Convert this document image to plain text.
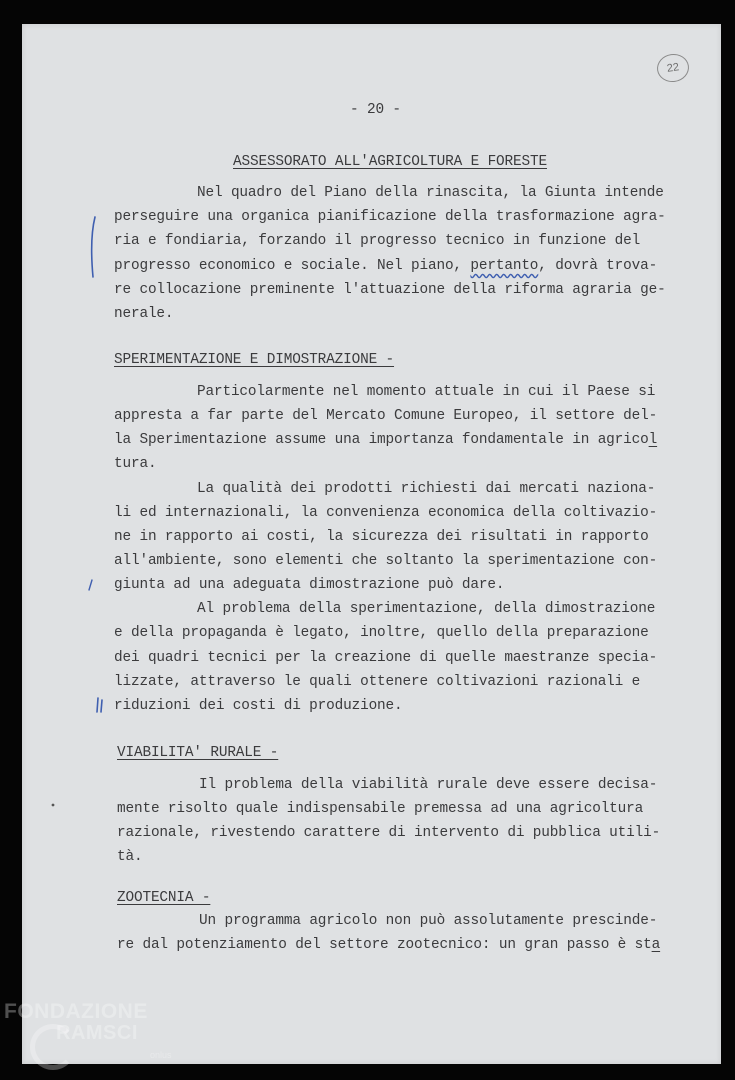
22
- 20 -
ASSESSORATO ALL'AGRICOLTURA E FORESTE
Nel quadro del Piano della rinascita, la Giunta intende
perseguire una organica pianificazione della trasformazione agra-
ria e fondiaria, forzando il progresso tecnico in funzione del
progresso economico e sociale. Nel piano, pertanto, dovrà trova-
re collocazione preminente l'attuazione della riforma agraria ge-
nerale.
SPERIMENTAZIONE E DIMOSTRAZIONE -
Particolarmente nel momento attuale in cui il Paese si
appresta a far parte del Mercato Comune Europeo, il settore del-
la Sperimentazione assume una importanza fondamentale in agricol
tura.
La qualità dei prodotti richiesti dai mercati naziona-
li ed internazionali, la convenienza economica della coltivazio-
ne in rapporto ai costi, la sicurezza dei risultati in rapporto
all'ambiente, sono elementi che soltanto la sperimentazione con-
giunta ad una adeguata dimostrazione può dare.
Al problema della sperimentazione, della dimostrazione
e della propaganda è legato, inoltre, quello della preparazione
dei quadri tecnici per la creazione di quelle maestranze specia-
lizzate, attraverso le quali ottenere coltivazioni razionali e
riduzioni dei costi di produzione.
VIABILITA' RURALE -
Il problema della viabilità rurale deve essere decisa-
mente risolto quale indispensabile premessa ad una agricoltura
razionale, rivestendo carattere di intervento di pubblica utili-
tà.
ZOOTECNIA -
Un programma agricolo non può assolutamente prescinde-
re dal potenziamento del settore zootecnico: un gran passo è sta
FONDAZIONE
RAMSCI
onlus
